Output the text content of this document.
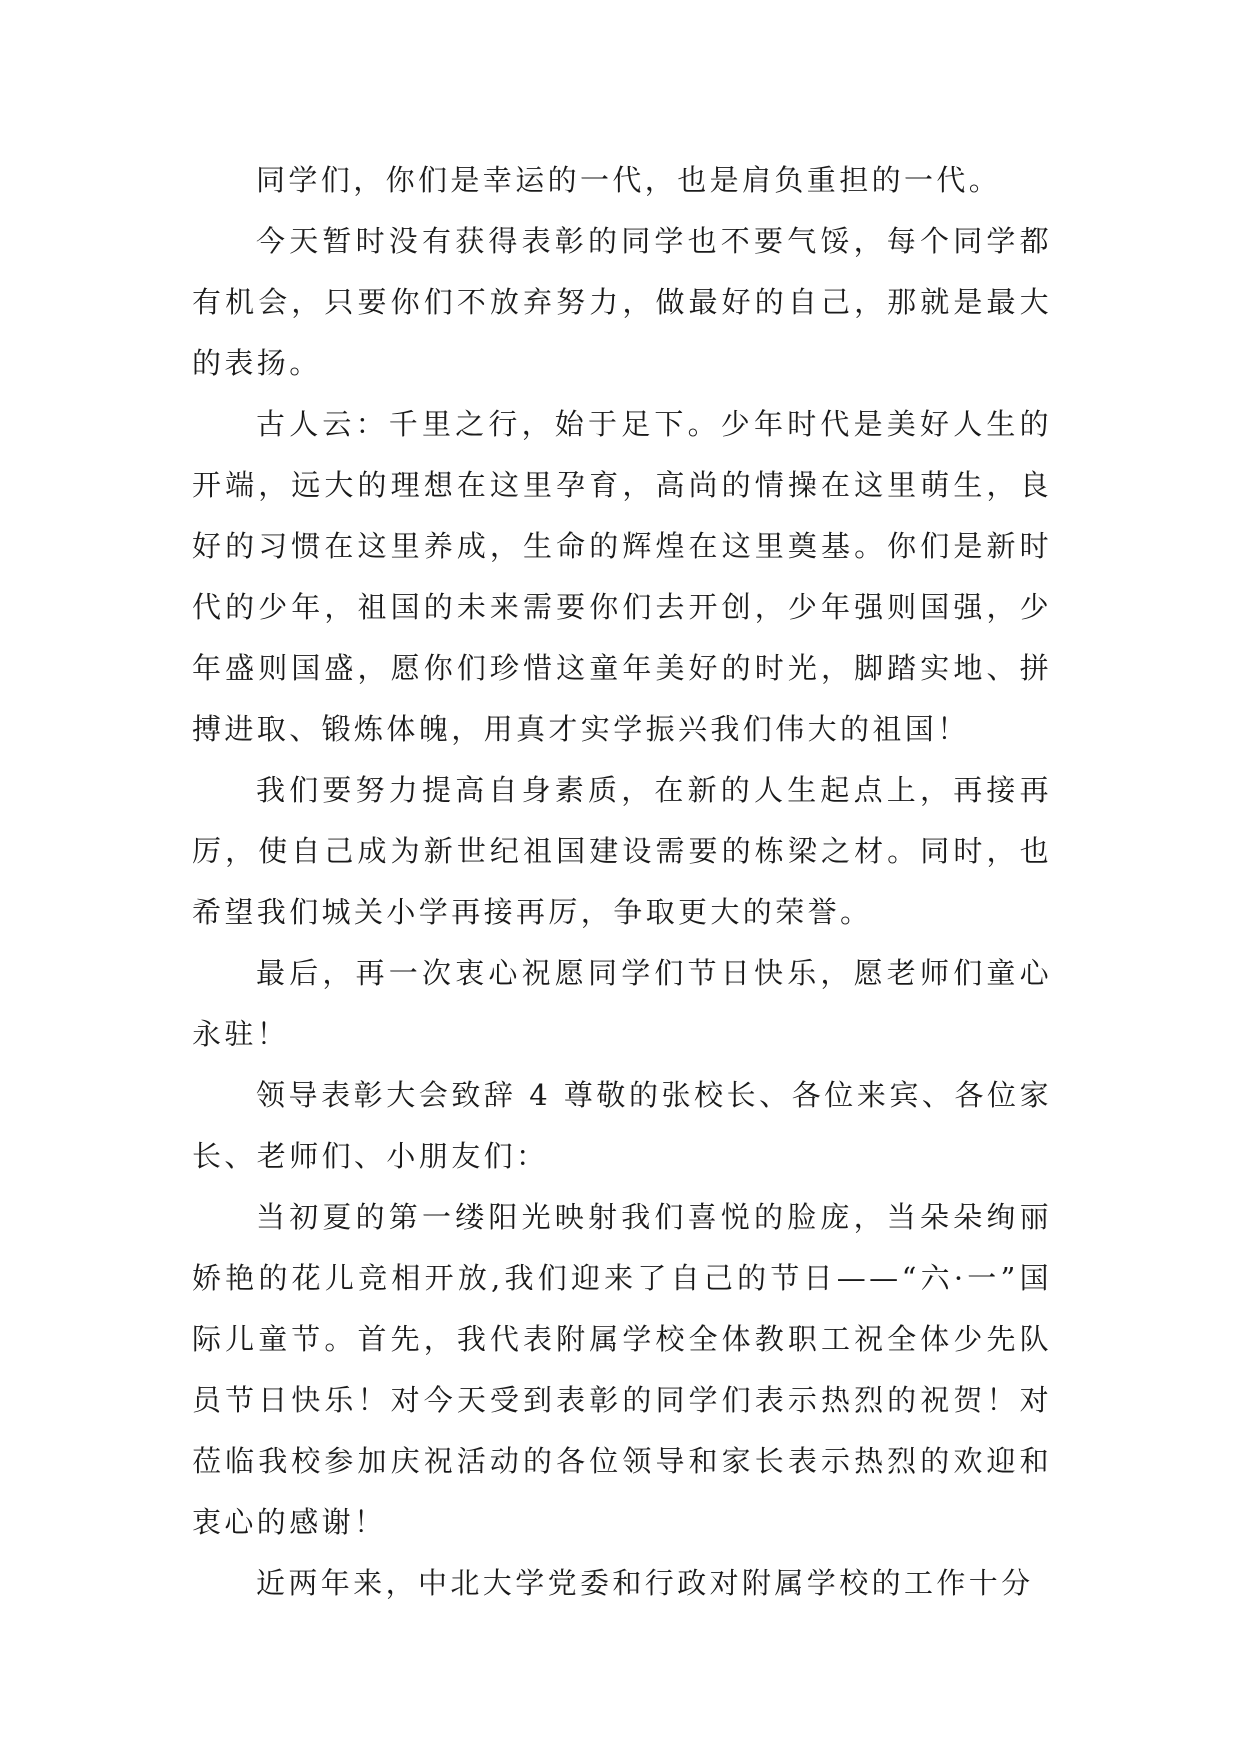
同学们，你们是幸运的一代，也是肩负重担的一代。

今天暂时没有获得表彰的同学也不要气馁，每个同学都有机会，只要你们不放弃努力，做最好的自己，那就是最大的表扬。

古人云：千里之行，始于足下。少年时代是美好人生的开端，远大的理想在这里孕育，高尚的情操在这里萌生，良好的习惯在这里养成，生命的辉煌在这里奠基。你们是新时代的少年，祖国的未来需要你们去开创，少年强则国强，少年盛则国盛，愿你们珍惜这童年美好的时光，脚踏实地、拼搏进取、锻炼体魄，用真才实学振兴我们伟大的祖国！

我们要努力提高自身素质，在新的人生起点上，再接再厉，使自己成为新世纪祖国建设需要的栋梁之材。同时，也希望我们城关小学再接再厉，争取更大的荣誉。

最后，再一次衷心祝愿同学们节日快乐，愿老师们童心永驻！

领导表彰大会致辞 4 尊敬的张校长、各位来宾、各位家长、老师们、小朋友们：

当初夏的第一缕阳光映射我们喜悦的脸庞，当朵朵绚丽娇艳的花儿竞相开放,我们迎来了自己的节日——“六·一”国际儿童节。首先，我代表附属学校全体教职工祝全体少先队员节日快乐！对今天受到表彰的同学们表示热烈的祝贺！对莅临我校参加庆祝活动的各位领导和家长表示热烈的欢迎和衷心的感谢！

近两年来，中北大学党委和行政对附属学校的工作十分
